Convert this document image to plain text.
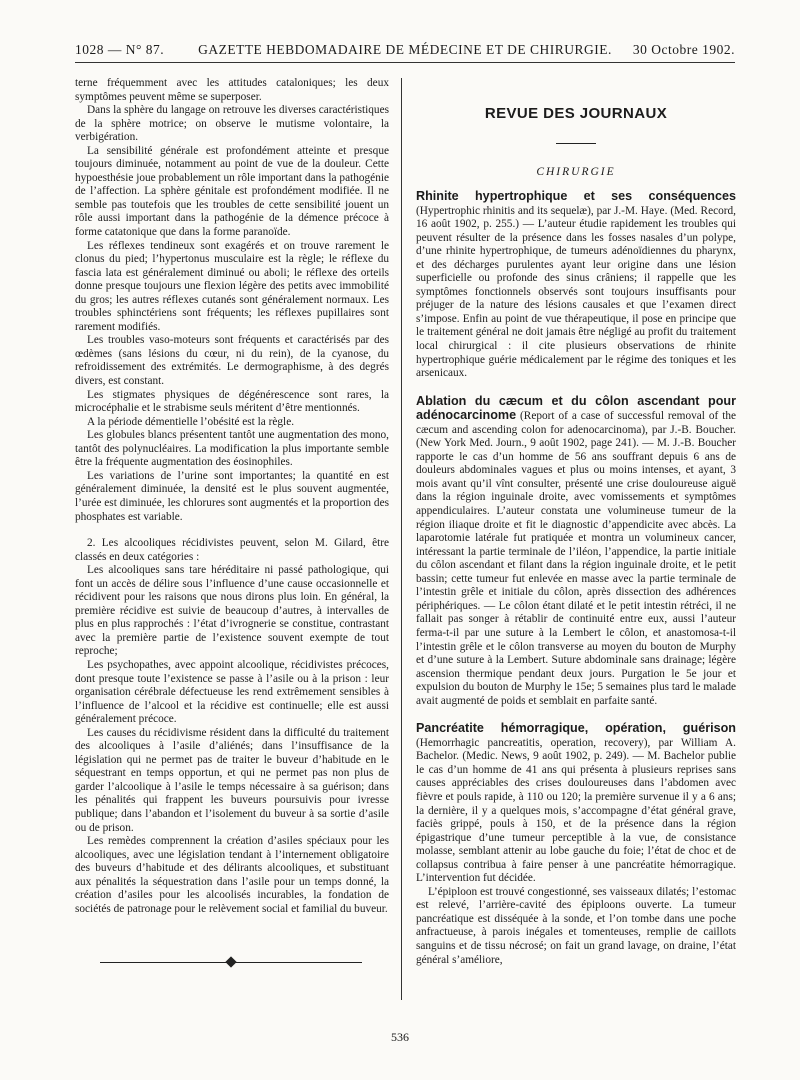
1028 — N° 87.	GAZETTE HEBDOMADAIRE DE MÉDECINE ET DE CHIRURGIE.	30 Octobre 1902.

terne fréquemment avec les attitudes cataloniques; les deux symptômes peuvent même se superposer.

Dans la sphère du langage on retrouve les diverses caractéristiques de la sphère motrice; on observe le mutisme volontaire, la verbigération.

La sensibilité générale est profondément atteinte et presque toujours diminuée, notamment au point de vue de la douleur. Cette hypoesthésie joue probablement un rôle important dans la pathogénie de l’affection. La sphère génitale est profondément modifiée. Il ne semble pas toutefois que les troubles de cette sensibilité jouent un rôle aussi important dans la pathogénie de la démence précoce à forme catatonique que dans la forme paranoïde.

Les réflexes tendineux sont exagérés et on trouve rarement le clonus du pied; l’hypertonus musculaire est la règle; le réflexe du fascia lata est généralement diminué ou aboli; le réflexe des orteils donne presque toujours une flexion légère des petits avec immobilité du gros; les autres réflexes cutanés sont généralement normaux. Les troubles sphinctériens sont fréquents; les réflexes pupillaires sont rarement modifiés.

Les troubles vaso-moteurs sont fréquents et caractérisés par des œdèmes (sans lésions du cœur, ni du rein), de la cyanose, du refroidissement des extrémités. Le dermographisme, à des degrés divers, est constant.

Les stigmates physiques de dégénérescence sont rares, la microcéphalie et le strabisme seuls méritent d’être mentionnés.

A la période démentielle l’obésité est la règle.

Les globules blancs présentent tantôt une augmentation des mono, tantôt des polynucléaires. La modification la plus importante semble être la fréquente augmentation des éosinophiles.

Les variations de l’urine sont importantes; la quantité en est généralement diminuée, la densité est le plus souvent augmentée, l’urée est diminuée, les chlorures sont augmentés et la proportion des phosphates est variable.

2. Les alcooliques récidivistes peuvent, selon M. Gilard, être classés en deux catégories :

Les alcooliques sans tare héréditaire ni passé pathologique, qui font un accès de délire sous l’influence d’une cause occasionnelle et récidivent pour les raisons que nous dirons plus loin. En général, la première récidive est suivie de beaucoup d’autres, à intervalles de plus en plus rapprochés : l’état d’ivrognerie se constitue, contrastant avec la première partie de l’existence souvent exempte de tout reproche;

Les psychopathes, avec appoint alcoolique, récidivistes précoces, dont presque toute l’existence se passe à l’asile ou à la prison : leur organisation cérébrale défectueuse les rend extrêmement sensibles à l’influence de l’alcool et la récidive est continuelle; elle est aussi généralement précoce.

Les causes du récidivisme résident dans la difficulté du traitement des alcooliques à l’asile d’aliénés; dans l’insuffisance de la législation qui ne permet pas de traiter le buveur d’habitude en le séquestrant en temps opportun, et qui ne permet pas non plus de garder l’alcoolique à l’asile le temps nécessaire à sa guérison; dans les pénalités qui frappent les buveurs poursuivis pour ivresse publique; dans l’abandon et l’isolement du buveur à sa sortie d’asile ou de prison.

Les remèdes comprennent la création d’asiles spéciaux pour les alcooliques, avec une législation tendant à l’internement obligatoire des buveurs d’habitude et des délirants alcooliques, et substituant aux pénalités la séquestration dans l’asile pour un temps donné, la création d’asiles pour les alcoolisés incurables, la fondation de sociétés de patronage pour le relèvement social et familial du buveur.

REVUE DES JOURNAUX
CHIRURGIE

Rhinite hypertrophique et ses conséquences (Hypertrophic rhinitis and its sequelæ), par J.-M. Haye. (Med. Record, 16 août 1902, p. 255.) — L’auteur étudie rapidement les troubles qui peuvent résulter de la présence dans les fosses nasales d’un polype, d’une rhinite hypertrophique, de tumeurs adénoïdiennes du pharynx, et des décharges purulentes ayant leur origine dans une lésion superficielle ou profonde des sinus crâniens; il rappelle que les symptômes fonctionnels observés sont toujours insuffisants pour préjuger de la nature des lésions causales et que l’examen direct s’impose. Enfin au point de vue thérapeutique, il pose en principe que le traitement général ne doit jamais être négligé au profit du traitement local chirurgical : il cite plusieurs observations de rhinite hypertrophique guérie médicalement par le régime des toniques et les arsenicaux.

Ablation du cæcum et du côlon ascendant pour adénocarcinome (Report of a case of successful removal of the cæcum and ascending colon for adenocarcinoma), par J.-B. Boucher. (New York Med. Journ., 9 août 1902, page 241). — M. J.-B. Boucher rapporte le cas d’un homme de 56 ans souffrant depuis 6 ans de douleurs abdominales vagues et plus ou moins intenses, et ayant, 3 mois avant qu’il vînt consulter, présenté une crise douloureuse aiguë dans la région inguinale droite, avec vomissements et symptômes appendiculaires. L’auteur constata une volumineuse tumeur de la région iliaque droite et fit le diagnostic d’appendicite avec abcès. La laparotomie latérale fut pratiquée et montra un volumineux cancer, intéressant la partie terminale de l’iléon, l’appendice, la partie initiale du côlon ascendant et filant dans la région inguinale droite, et le petit bassin; cette tumeur fut enlevée en masse avec la partie terminale de l’intestin grêle et initiale du côlon, après dissection des adhérences périphériques. — Le côlon étant dilaté et le petit intestin rétréci, il ne fallait pas songer à rétablir de continuité entre eux, aussi l’auteur ferma-t-il par une suture à la Lembert le côlon, et anastomosa-t-il l’intestin grêle et le côlon transverse au moyen du bouton de Murphy et d’une suture à la Lembert. Suture abdominale sans drainage; légère ascension thermique pendant deux jours. Purgation le 5e jour et expulsion du bouton de Murphy le 15e; 5 semaines plus tard le malade avait augmenté de poids et semblait en parfaite santé.

Pancréatite hémorragique, opération, guérison (Hemorrhagic pancreatitis, operation, recovery), par William A. Bachelor. (Medic. News, 9 août 1902, p. 249). — M. Bachelor publie le cas d’un homme de 41 ans qui présenta à plusieurs reprises sans causes appréciables des crises douloureuses dans l’abdomen avec fièvre et pouls rapide, à 110 ou 120; la première survenue il y a 6 ans; la dernière, il y a quelques mois, s’accompagne d’état général grave, faciès grippé, pouls à 150, et de la présence dans la région épigastrique d’une tumeur perceptible à la vue, de consistance molasse, semblant attenir au lobe gauche du foie; l’état de choc et de collapsus contribua à faire penser à une pancréatite hémorragique. L’intervention fut décidée.

L’épiploon est trouvé congestionné, ses vaisseaux dilatés; l’estomac est relevé, l’arrière-cavité des épiploons ouverte. La tumeur pancréatique est disséquée à la sonde, et l’on tombe dans une poche anfractueuse, à parois inégales et tomenteuses, remplie de caillots sanguins et de tissu nécrosé; on fait un grand lavage, on draine, l’état général s’améliore,

536
